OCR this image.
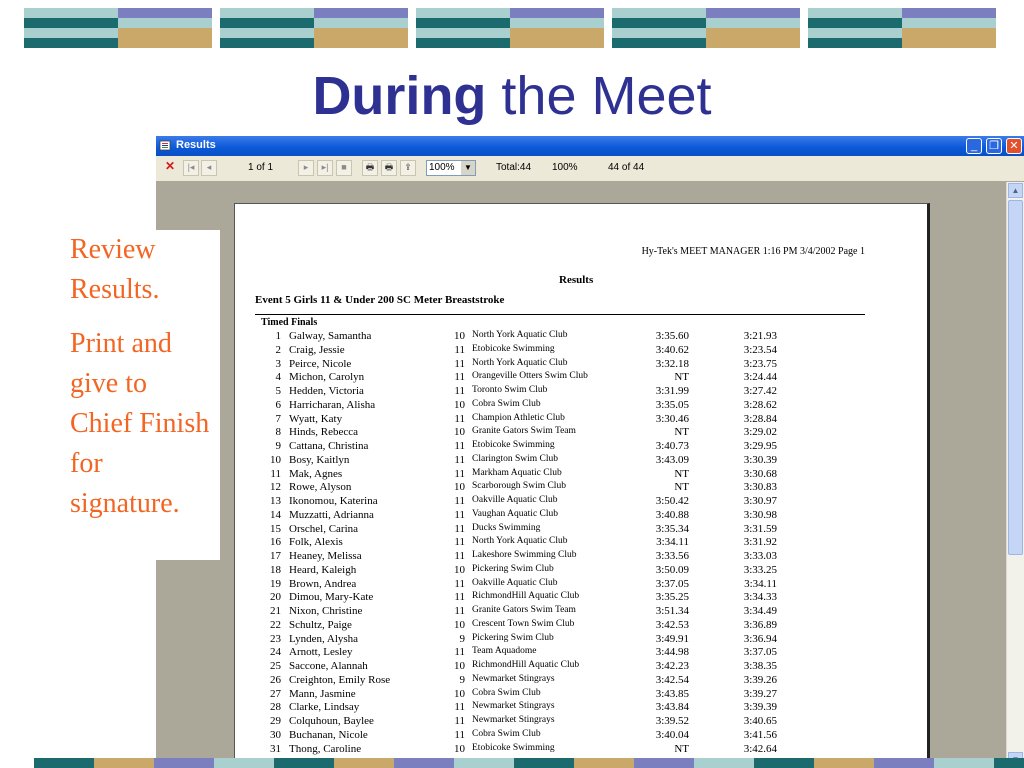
During the Meet
Results	_	❐ ✕
✕	|◂	◂	1 of 1	▸	▸|	■	🖶	🖶	⇪	100%	▼	Total:44 100%	44 of 44
Hy-Tek's MEET MANAGER 1:16 PM 3/4/2002 Page 1
Results
Event 5 Girls 11 & Under 200 SC Meter Breaststroke
Timed Finals
1 Galway, Samantha	10 North York Aquatic Club	3:35.60	3:21.93
2 Craig, Jessie	11 Etobicoke Swimming	3:40.62	3:23.54
3 Peirce, Nicole	11 North York Aquatic Club	3:32.18	3:23.75
4 Michon, Carolyn	11 Orangeville Otters Swim Club	NT	3:24.44
5 Hedden, Victoria	11 Toronto Swim Club	3:31.99	3:27.42
6 Harricharan, Alisha	10 Cobra Swim Club	3:35.05	3:28.62
7 Wyatt, Katy	11 Champion Athletic Club	3:30.46	3:28.84
8 Hinds, Rebecca	10 Granite Gators Swim Team	NT	3:29.02
9 Cattana, Christina	11 Etobicoke Swimming	3:40.73	3:29.95
10 Bosy, Kaitlyn	11 Clarington Swim Club	3:43.09	3:30.39
11 Mak, Agnes	11 Markham Aquatic Club	NT	3:30.68
12 Rowe, Alyson	10 Scarborough Swim Club	NT	3:30.83
13 Ikonomou, Katerina	11 Oakville Aquatic Club	3:50.42	3:30.97
14 Muzzatti, Adrianna	11 Vaughan Aquatic Club	3:40.88	3:30.98
15 Orschel, Carina	11 Ducks Swimming	3:35.34	3:31.59
16 Folk, Alexis	11 North York Aquatic Club	3:34.11	3:31.92
17 Heaney, Melissa	11 Lakeshore Swimming Club	3:33.56	3:33.03
18 Heard, Kaleigh	10 Pickering Swim Club	3:50.09	3:33.25
19 Brown, Andrea	11 Oakville Aquatic Club	3:37.05	3:34.11
20 Dimou, Mary-Kate	11 RichmondHill Aquatic Club	3:35.25	3:34.33
21 Nixon, Christine	11 Granite Gators Swim Team	3:51.34	3:34.49
22 Schultz, Paige	10 Crescent Town Swim Club	3:42.53	3:36.89
23 Lynden, Alysha	9 Pickering Swim Club	3:49.91	3:36.94
24 Arnott, Lesley	11 Team Aquadome	3:44.98	3:37.05
25 Saccone, Alannah	10 RichmondHill Aquatic Club	3:42.23	3:38.35
26 Creighton, Emily Rose	9 Newmarket Stingrays	3:42.54	3:39.26
27 Mann, Jasmine	10 Cobra Swim Club	3:43.85	3:39.27
28 Clarke, Lindsay	11 Newmarket Stingrays	3:43.84	3:39.39
29 Colquhoun, Baylee	11 Newmarket Stingrays	3:39.52	3:40.65
30 Buchanan, Nicole	11 Cobra Swim Club	3:40.04	3:41.56
31 Thong, Caroline	10 Etobicoke Swimming	NT	3:42.64
▲
Review Results.
Print and give to Chief Finish for signature.
